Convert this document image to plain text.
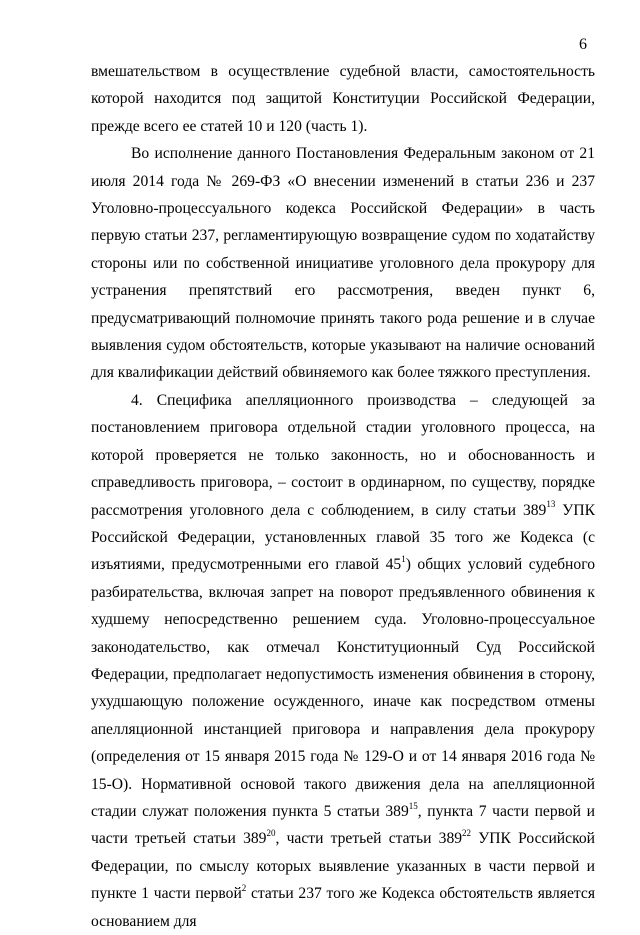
6

вмешательством в осуществление судебной власти, самостоятельность которой находится под защитой Конституции Российской Федерации, прежде всего ее статей 10 и 120 (часть 1).

Во исполнение данного Постановления Федеральным законом от 21 июля 2014 года № 269-ФЗ «О внесении изменений в статьи 236 и 237 Уголовно-процессуального кодекса Российской Федерации» в часть первую статьи 237, регламентирующую возвращение судом по ходатайству стороны или по собственной инициативе уголовного дела прокурору для устранения препятствий его рассмотрения, введен пункт 6, предусматривающий полномочие принять такого рода решение и в случае выявления судом обстоятельств, которые указывают на наличие оснований для квалификации действий обвиняемого как более тяжкого преступления.

4. Специфика апелляционного производства – следующей за постановлением приговора отдельной стадии уголовного процесса, на которой проверяется не только законность, но и обоснованность и справедливость приговора, – состоит в ординарном, по существу, порядке рассмотрения уголовного дела с соблюдением, в силу статьи $389^{13}$ УПК Российской Федерации, установленных главой 35 того же Кодекса (с изъятиями, предусмотренными его главой $45^1$) общих условий судебного разбирательства, включая запрет на поворот предъявленного обвинения к худшему непосредственно решением суда. Уголовно-процессуальное законодательство, как отмечал Конституционный Суд Российской Федерации, предполагает недопустимость изменения обвинения в сторону, ухудшающую положение осужденного, иначе как посредством отмены апелляционной инстанцией приговора и направления дела прокурору (определения от 15 января 2015 года № 129-О и от 14 января 2016 года № 15-О). Нормативной основой такого движения дела на апелляционной стадии служат положения пункта 5 статьи $389^{15}$, пункта 7 части первой и части третьей статьи $389^{20}$, части третьей статьи $389^{22}$ УПК Российской Федерации, по смыслу которых выявление указанных в части первой и пункте 1 части первой$^2$ статьи 237 того же Кодекса обстоятельств является основанием для
